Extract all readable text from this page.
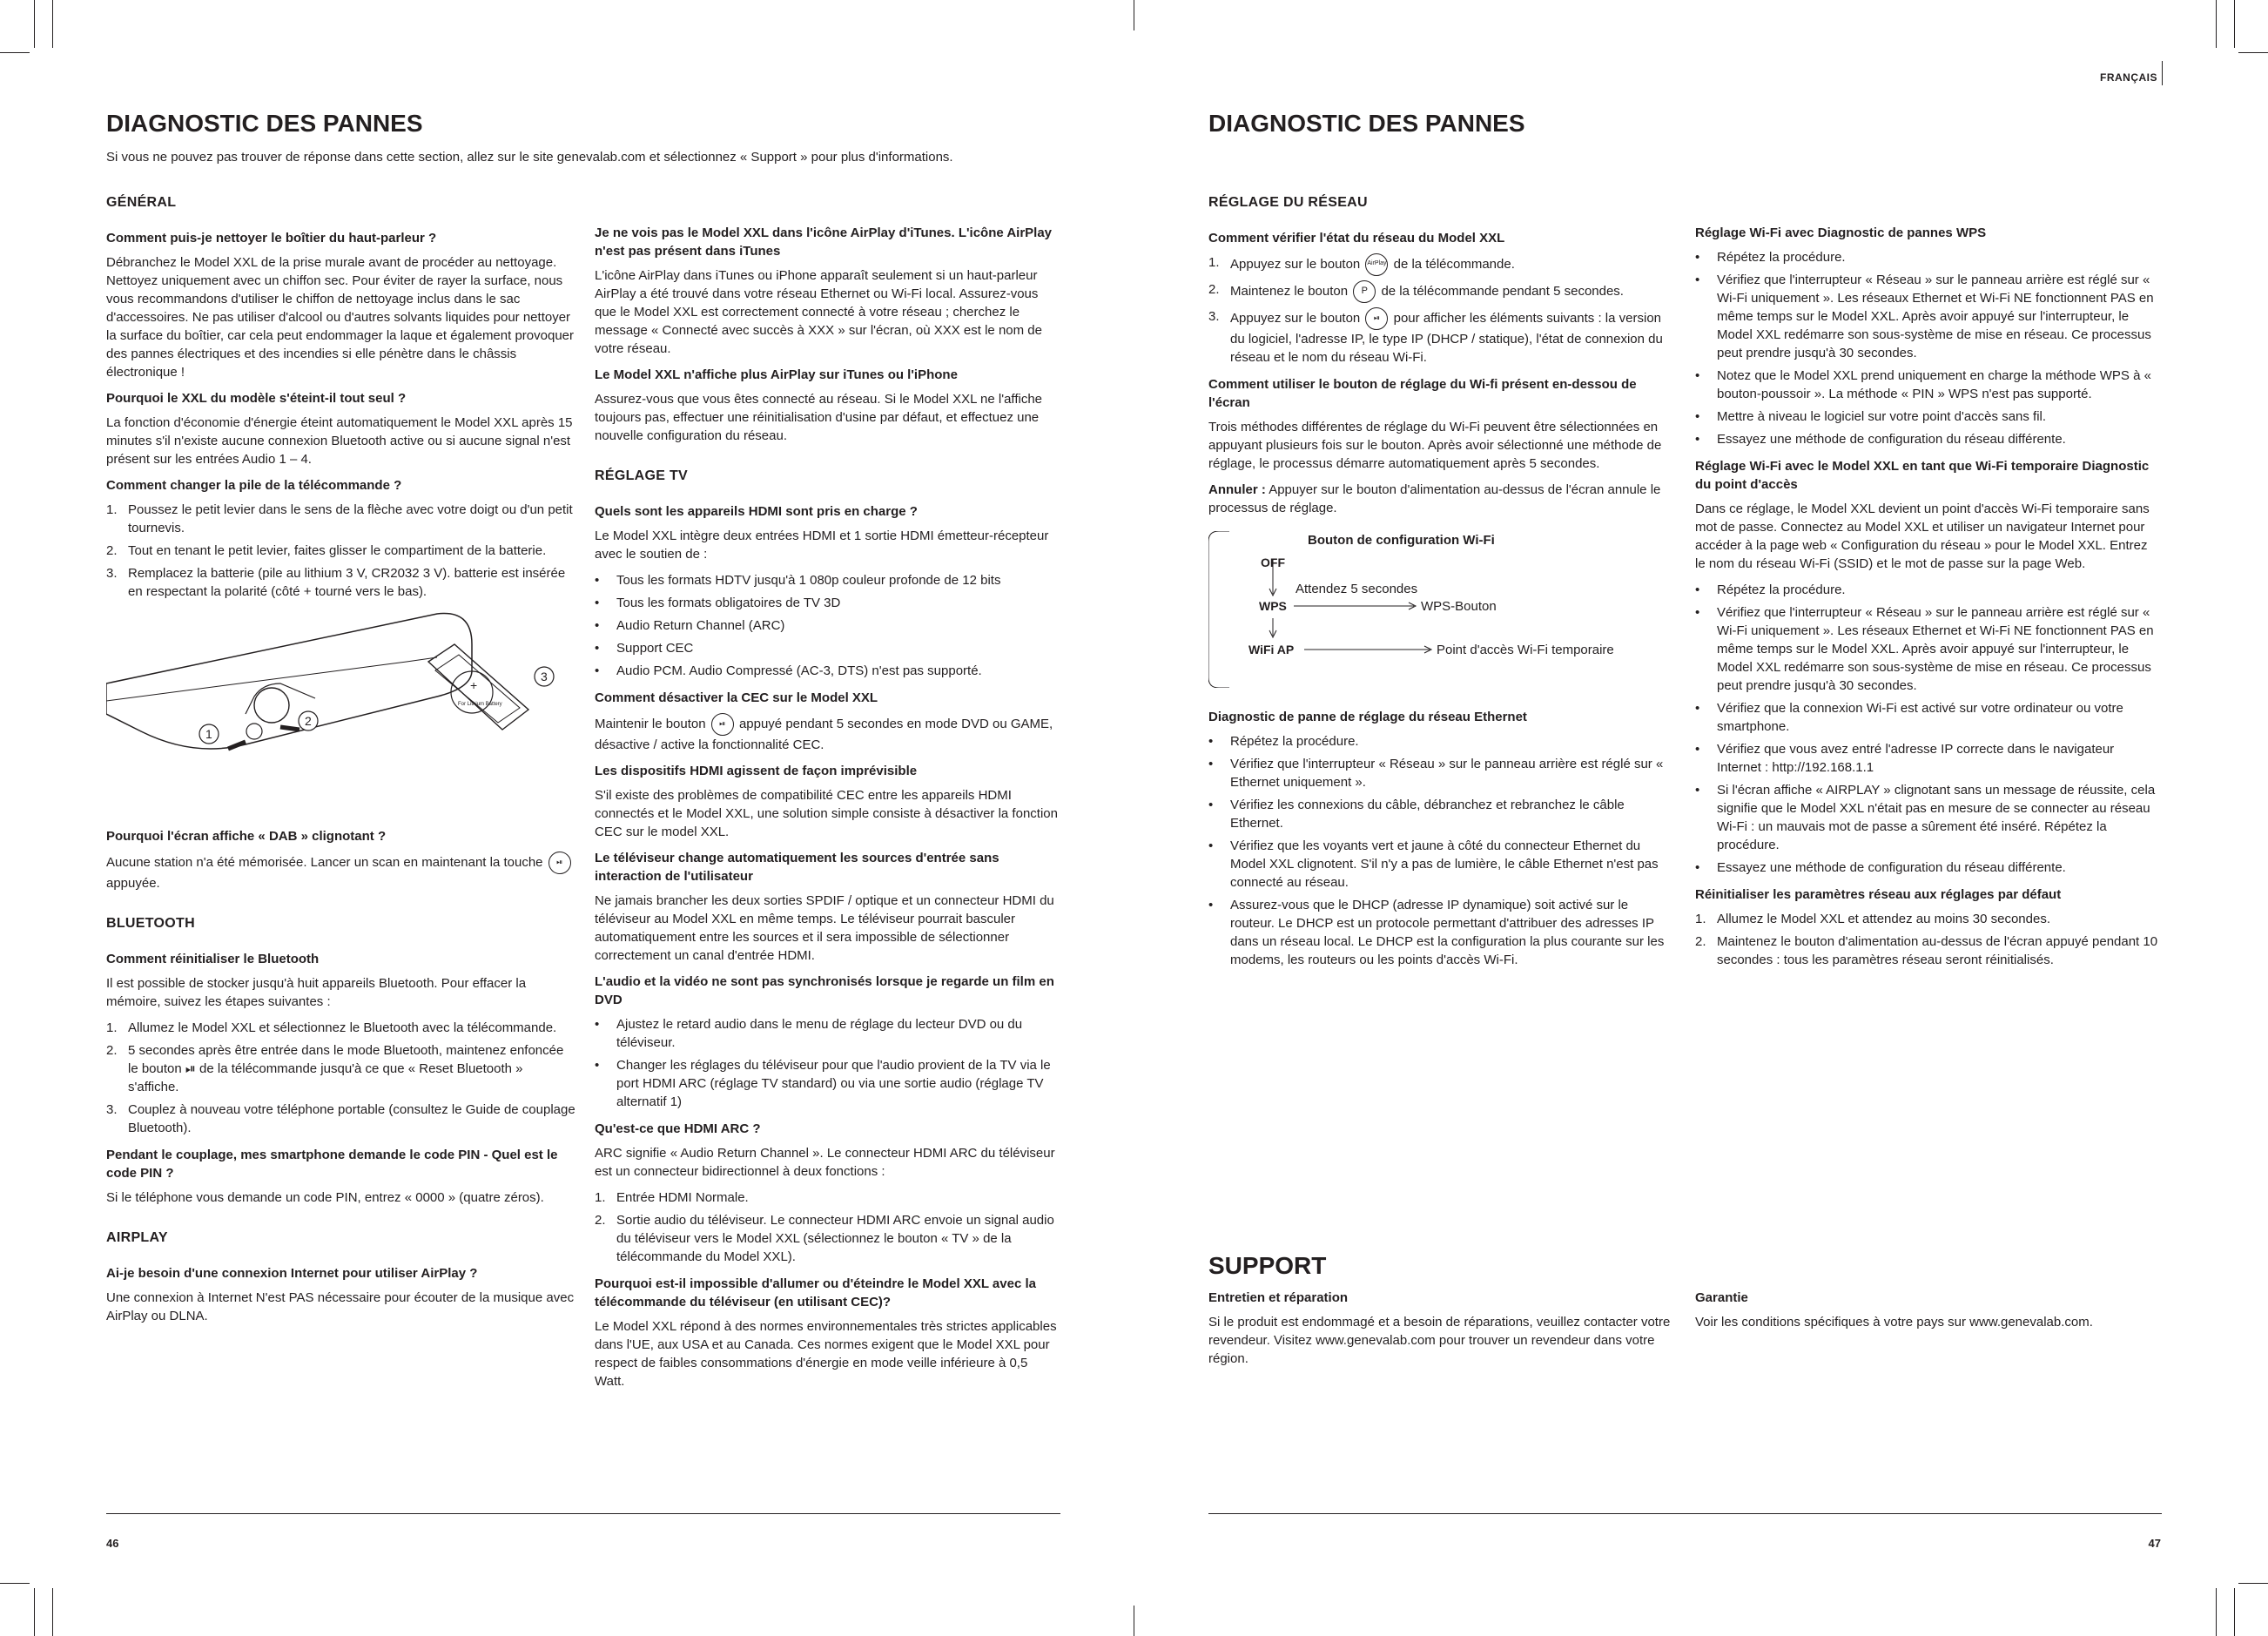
FRANÇAIS
DIAGNOSTIC DES PANNES
Si vous ne pouvez pas trouver de réponse dans cette section, allez sur le site genevalab.com et sélectionnez « Support » pour plus d'informations.
GÉNÉRAL

Comment puis-je nettoyer le boîtier du haut-parleur ?

Débranchez le Model XXL de la prise murale avant de procéder au nettoyage. Nettoyez uniquement avec un chiffon sec. Pour éviter de rayer la surface, nous vous recommandons d'utiliser le chiffon de nettoyage inclus dans le sac d'accessoires. Ne pas utiliser d'alcool ou d'autres solvants liquides pour nettoyer la surface du boîtier, car cela peut endommager la laque et également provoquer des pannes électriques et des incendies si elle pénètre dans le châssis électronique !

Pourquoi le XXL du modèle s'éteint-il tout seul ?

La fonction d'économie d'énergie éteint automatiquement le Model XXL après 15 minutes s'il n'existe aucune connexion Bluetooth active ou si aucune signal n'est présent sur les entrées Audio 1 – 4.

Comment changer la pile de la télécommande ?

1. Poussez le petit levier dans le sens de la flèche avec votre doigt ou d'un petit tournevis.
2. Tout en tenant le petit levier, faites glisser le compartiment de la batterie.
3. Remplacez la batterie (pile au lithium 3 V, CR2032 3 V). batterie est insérée en respectant la polarité (côté + tourné vers le bas).
+
For Lithium Battery
1
2
3

Pourquoi l'écran affiche « DAB » clignotant ?

Aucune station n'a été mémorisée. Lancer un scan en maintenant la touche ⏯ appuyée.

BLUETOOTH

Comment réinitialiser le Bluetooth

Il est possible de stocker jusqu'à huit appareils Bluetooth. Pour effacer la mémoire, suivez les étapes suivantes :

1. Allumez le Model XXL et sélectionnez le Bluetooth avec la télécommande.
2. 5 secondes après être entrée dans le mode Bluetooth, maintenez enfoncée le bouton ⏯ de la télécommande jusqu'à ce que « Reset Bluetooth » s'affiche.
3. Couplez à nouveau votre téléphone portable (consultez le Guide de couplage Bluetooth).

Pendant le couplage, mes smartphone demande le code PIN - Quel est le code PIN ?

Si le téléphone vous demande un code PIN, entrez « 0000 » (quatre zéros).

AIRPLAY

Ai-je besoin d'une connexion Internet pour utiliser AirPlay ?

Une connexion à Internet N'est PAS nécessaire pour écouter de la musique avec AirPlay ou DLNA.

Je ne vois pas le Model XXL dans l'icône AirPlay d'iTunes. L'icône AirPlay n'est pas présent dans iTunes

L'icône AirPlay dans iTunes ou iPhone apparaît seulement si un haut-parleur AirPlay a été trouvé dans votre réseau Ethernet ou Wi-Fi local. Assurez-vous que le Model XXL est correctement connecté à votre réseau ; cherchez le message « Connecté avec succès à XXX » sur l'écran, où XXX est le nom de votre réseau.

Le Model XXL n'affiche plus AirPlay sur iTunes ou l'iPhone

Assurez-vous que vous êtes connecté au réseau. Si le Model XXL ne l'affiche toujours pas, effectuer une réinitialisation d'usine par défaut, et effectuez une nouvelle configuration du réseau.

RÉGLAGE TV

Quels sont les appareils HDMI sont pris en charge ?

Le Model XXL intègre deux entrées HDMI et 1 sortie HDMI émetteur-récepteur avec le soutien de :

• Tous les formats HDTV jusqu'à 1 080p couleur profonde de 12 bits
• Tous les formats obligatoires de TV 3D
• Audio Return Channel (ARC)
• Support CEC
• Audio PCM. Audio Compressé (AC-3, DTS) n'est pas supporté.

Comment désactiver la CEC sur le Model XXL

Maintenir le bouton ⏯ appuyé pendant 5 secondes en mode DVD ou GAME, désactive / active la fonctionnalité CEC.

Les dispositifs HDMI agissent de façon imprévisible

S'il existe des problèmes de compatibilité CEC entre les appareils HDMI connectés et le Model XXL, une solution simple consiste à désactiver la fonction CEC sur le model XXL.

Le téléviseur change automatiquement les sources d'entrée sans interaction de l'utilisateur

Ne jamais brancher les deux sorties SPDIF / optique et un connecteur HDMI du téléviseur au Model XXL en même temps. Le téléviseur pourrait basculer automatiquement entre les sources et il sera impossible de sélectionner correctement un canal d'entrée HDMI.

L'audio et la vidéo ne sont pas synchronisés lorsque je regarde un film en DVD

• Ajustez le retard audio dans le menu de réglage du lecteur DVD ou du téléviseur.
• Changer les réglages du téléviseur pour que l'audio provient de la TV via le port HDMI ARC (réglage TV standard) ou via une sortie audio (réglage TV alternatif 1)

Qu'est-ce que HDMI ARC ?

ARC signifie « Audio Return Channel ». Le connecteur HDMI ARC du téléviseur est un connecteur bidirectionnel à deux fonctions :

1. Entrée HDMI Normale.
2. Sortie audio du téléviseur. Le connecteur HDMI ARC envoie un signal audio du téléviseur vers le Model XXL (sélectionnez le bouton « TV » de la télécommande du Model XXL).

Pourquoi est-il impossible d'allumer ou d'éteindre le Model XXL avec la télécommande du téléviseur (en utilisant CEC)?

Le Model XXL répond à des normes environnementales très strictes applicables dans l'UE, aux USA et au Canada. Ces normes exigent que le Model XXL pour respect de faibles consommations d'énergie en mode veille inférieure à 0,5 Watt.

46
DIAGNOSTIC DES PANNES
RÉGLAGE DU RÉSEAU

Comment vérifier l'état du réseau du Model XXL

1. Appuyez sur le bouton AirPlay de la télécommande.
2. Maintenez le bouton P de la télécommande pendant 5 secondes.
3. Appuyez sur le bouton ⏯ pour afficher les éléments suivants : la version du logiciel, l'adresse IP, le type IP (DHCP / statique), l'état de connexion du réseau et le nom du réseau Wi-Fi.

Comment utiliser le bouton de réglage du Wi-fi présent en-dessou de l'écran

Trois méthodes différentes de réglage du Wi-Fi peuvent être sélectionnées en appuyant plusieurs fois sur le bouton. Après avoir sélectionné une méthode de réglage, le processus démarre automatiquement après 5 secondes.

Annuler : Appuyer sur le bouton d'alimentation au-dessus de l'écran annule le processus de réglage.

Bouton de configuration Wi-Fi
OFF
Attendez 5 secondes
WPS	WPS-Bouton
WiFi AP	Point d'accès Wi-Fi temporaire

Diagnostic de panne de réglage du réseau Ethernet

• Répétez la procédure.
• Vérifiez que l'interrupteur « Réseau » sur le panneau arrière est réglé sur « Ethernet uniquement ».
• Vérifiez les connexions du câble, débranchez et rebranchez le câble Ethernet.
• Vérifiez que les voyants vert et jaune à côté du connecteur Ethernet du Model XXL clignotent. S'il n'y a pas de lumière, le câble Ethernet n'est pas connecté au réseau.
• Assurez-vous que le DHCP (adresse IP dynamique) soit activé sur le routeur. Le DHCP est un protocole permettant d'attribuer des adresses IP dans un réseau local. Le DHCP est la configuration la plus courante sur les modems, les routeurs ou les points d'accès Wi-Fi.

Réglage Wi-Fi avec Diagnostic de pannes WPS

• Répétez la procédure.
• Vérifiez que l'interrupteur « Réseau » sur le panneau arrière est réglé sur « Wi-Fi uniquement ». Les réseaux Ethernet et Wi-Fi NE fonctionnent PAS en même temps sur le Model XXL. Après avoir appuyé sur l'interrupteur, le Model XXL redémarre son sous-système de mise en réseau. Ce processus peut prendre jusqu'à 30 secondes.
• Notez que le Model XXL prend uniquement en charge la méthode WPS à « bouton-poussoir ». La méthode « PIN » WPS n'est pas supporté.
• Mettre à niveau le logiciel sur votre point d'accès sans fil.
• Essayez une méthode de configuration du réseau différente.

Réglage Wi-Fi avec le Model XXL en tant que Wi-Fi temporaire Diagnostic du point d'accès

Dans ce réglage, le Model XXL devient un point d'accès Wi-Fi temporaire sans mot de passe. Connectez au Model XXL et utiliser un navigateur Internet pour accéder à la page web « Configuration du réseau » pour le Model XXL. Entrez le nom du réseau Wi-Fi (SSID) et le mot de passe sur la page Web.

• Répétez la procédure.
• Vérifiez que l'interrupteur « Réseau » sur le panneau arrière est réglé sur « Wi-Fi uniquement ». Les réseaux Ethernet et Wi-Fi NE fonctionnent PAS en même temps sur le Model XXL. Après avoir appuyé sur l'interrupteur, le Model XXL redémarre son sous-système de mise en réseau. Ce processus peut prendre jusqu'à 30 secondes.
• Vérifiez que la connexion Wi-Fi est activé sur votre ordinateur ou votre smartphone.
• Vérifiez que vous avez entré l'adresse IP correcte dans le navigateur Internet : http://192.168.1.1
• Si l'écran affiche « AIRPLAY » clignotant sans un message de réussite, cela signifie que le Model XXL n'était pas en mesure de se connecter au réseau Wi-Fi : un mauvais mot de passe a sûrement été inséré. Répétez la procédure.
• Essayez une méthode de configuration du réseau différente.

Réinitialiser les paramètres réseau aux réglages par défaut

1. Allumez le Model XXL et attendez au moins 30 secondes.
2. Maintenez le bouton d'alimentation au-dessus de l'écran appuyé pendant 10 secondes : tous les paramètres réseau seront réinitialisés.
SUPPORT

Entretien et réparation

Si le produit est endommagé et a besoin de réparations, veuillez contacter votre revendeur. Visitez www.genevalab.com pour trouver un revendeur dans votre région.

Garantie

Voir les conditions spécifiques à votre pays sur www.genevalab.com.

47
